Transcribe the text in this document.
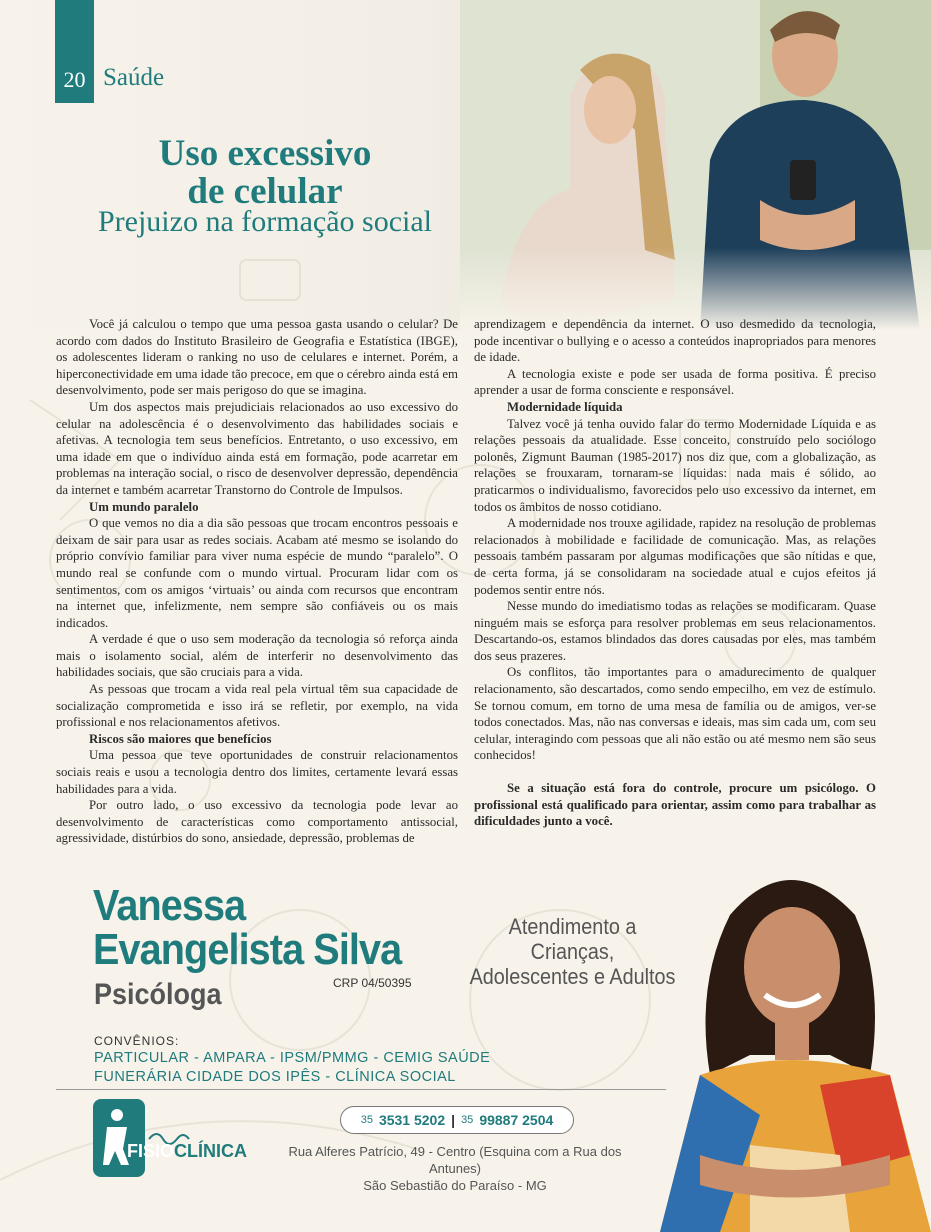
20 Saúde
Uso excessivo
de celular
Prejuizo na formação social

Você já calculou o tempo que uma pessoa gasta usando o celular? De acordo com dados do Instituto Brasileiro de Geografia e Estatística (IBGE), os adolescentes lideram o ranking no uso de celulares e internet. Porém, a hiperconectividade em uma idade tão precoce, em que o cérebro ainda está em desenvolvimento, pode ser mais perigoso do que se imagina.

Um dos aspectos mais prejudiciais relacionados ao uso excessivo do celular na adolescência é o desenvolvimento das habilidades sociais e afetivas. A tecnologia tem seus benefícios. Entretanto, o uso excessivo, em uma idade em que o indivíduo ainda está em formação, pode acarretar em problemas na interação social, o risco de desenvolver depressão, dependência da internet e também acarretar Transtorno do Controle de Impulsos.

Um mundo paralelo

O que vemos no dia a dia são pessoas que trocam encontros pessoais e deixam de sair para usar as redes sociais. Acabam até mesmo se isolando do próprio convívio familiar para viver numa espécie de mundo “paralelo”. O mundo real se confunde com o mundo virtual. Procuram lidar com os sentimentos, com os amigos ‘virtuais’ ou ainda com recursos que encontram na internet que, infelizmente, nem sempre são confiáveis ou os mais indicados.

A verdade é que o uso sem moderação da tecnologia só reforça ainda mais o isolamento social, além de interferir no desenvolvimento das habilidades sociais, que são cruciais para a vida.

As pessoas que trocam a vida real pela virtual têm sua capacidade de socialização comprometida e isso irá se refletir, por exemplo, na vida profissional e nos relacionamentos afetivos.

Riscos são maiores que benefícios

Uma pessoa que teve oportunidades de construir relacionamentos sociais reais e usou a tecnologia dentro dos limites, certamente levará essas habilidades para a vida.

Por outro lado, o uso excessivo da tecnologia pode levar ao desenvolvimento de características como comportamento antissocial, agressividade, distúrbios do sono, ansiedade, depressão, problemas de

aprendizagem e dependência da internet. O uso desmedido da tecnologia, pode incentivar o bullying e o acesso a conteúdos inapropriados para menores de idade.

A tecnologia existe e pode ser usada de forma positiva. É preciso aprender a usar de forma consciente e responsável.

Modernidade líquida

Talvez você já tenha ouvido falar do termo Modernidade Líquida e as relações pessoais da atualidade. Esse conceito, construído pelo sociólogo polonês, Zigmunt Bauman (1985-2017) nos diz que, com a globalização, as relações se frouxaram, tornaram-se líquidas: nada mais é sólido, ao praticarmos o individualismo, favorecidos pelo uso excessivo da internet, em todos os âmbitos de nosso cotidiano.

A modernidade nos trouxe agilidade, rapidez na resolução de problemas relacionados à mobilidade e facilidade de comunicação. Mas, as relações pessoais também passaram por algumas modificações que são nítidas e que, de certa forma, já se consolidaram na sociedade atual e cujos efeitos já podemos sentir entre nós.

Nesse mundo do imediatismo todas as relações se modificaram. Quase ninguém mais se esforça para resolver problemas em seus relacionamentos. Descartando-os, estamos blindados das dores causadas por eles, mas também dos seus prazeres.

Os conflitos, tão importantes para o amadurecimento de qualquer relacionamento, são descartados, como sendo empecilho, em vez de estímulo. Se tornou comum, em torno de uma mesa de família ou de amigos, ver-se todos conectados. Mas, não nas conversas e ideais, mas sim cada um, com seu celular, interagindo com pessoas que ali não estão ou até mesmo nem são seus conhecidos!

Se a situação está fora do controle, procure um psicólogo. O profissional está qualificado para orientar, assim como para trabalhar as dificuldades junto a você.

Vanessa
Evangelista Silva
Psicóloga	CRP 04/50395
Atendimento a Crianças,
Adolescentes e Adultos
CONVÊNIOS:
PARTICULAR - AMPARA - IPSM/PMMG - CEMIG SAÚDE
FUNERÁRIA CIDADE DOS IPÊS - CLÍNICA SOCIAL
FISIOCLÍNICA
35 3531 5202 | 35 99887 2504
Rua Alferes Patrício, 49 - Centro (Esquina com a Rua dos Antunes)
São Sebastião do Paraíso - MG
